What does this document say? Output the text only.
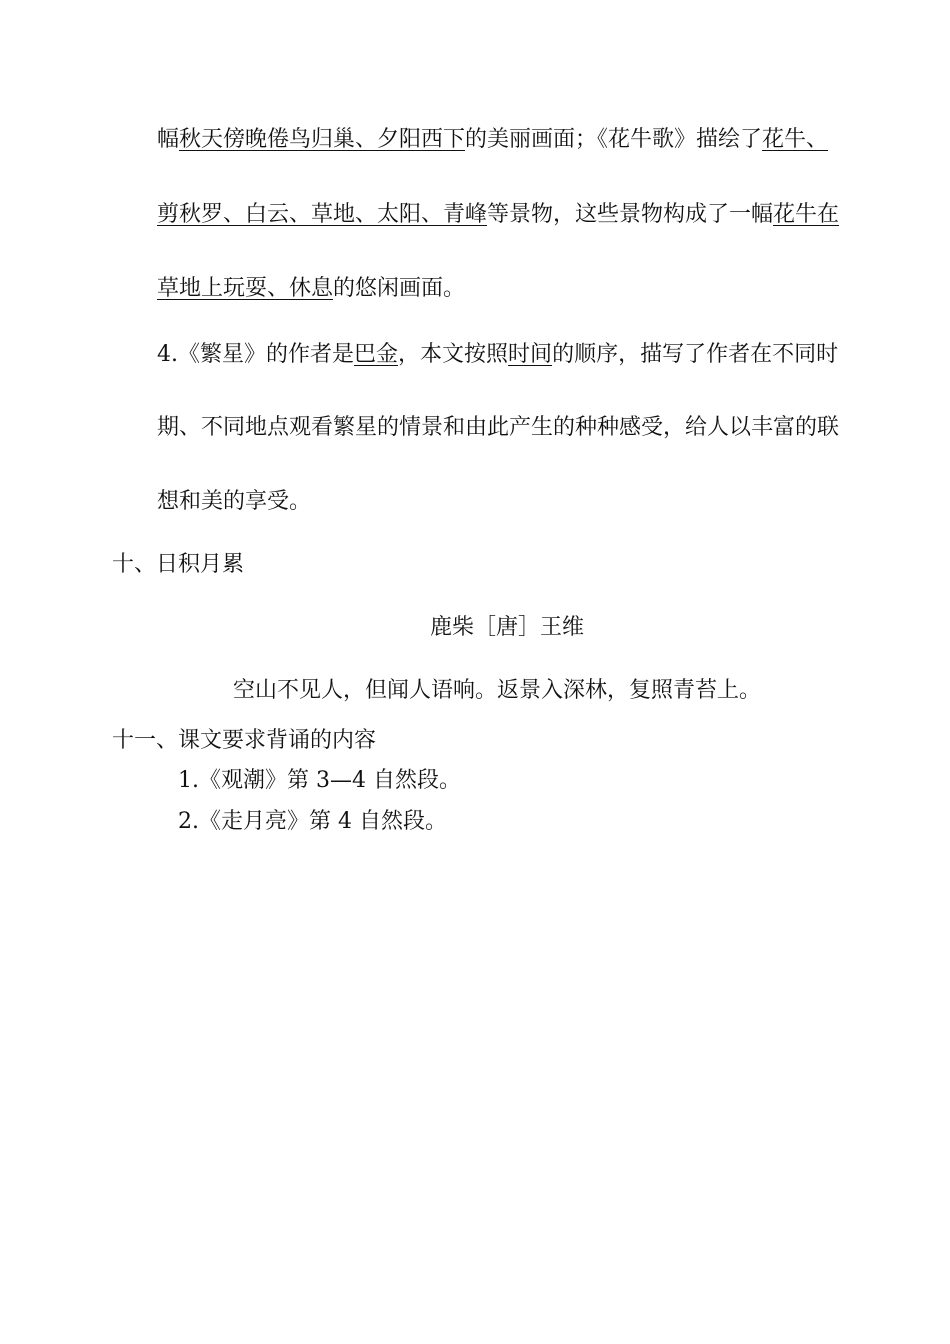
幅秋天傍晚倦鸟归巢、夕阳西下的美丽画面；《花牛歌》描绘了花牛、
剪秋罗、白云、草地、太阳、青峰等景物，这些景物构成了一幅花牛在
草地上玩耍、休息的悠闲画面。
4.《繁星》的作者是巴金，本文按照时间的顺序，描写了作者在不同时
期、不同地点观看繁星的情景和由此产生的种种感受，给人以丰富的联
想和美的享受。
十、日积月累
鹿柴［唐］王维
空山不见人，但闻人语响。返景入深林，复照青苔上。
十一、课文要求背诵的内容
1.《观潮》第 3—4 自然段。
2.《走月亮》第 4 自然段。
